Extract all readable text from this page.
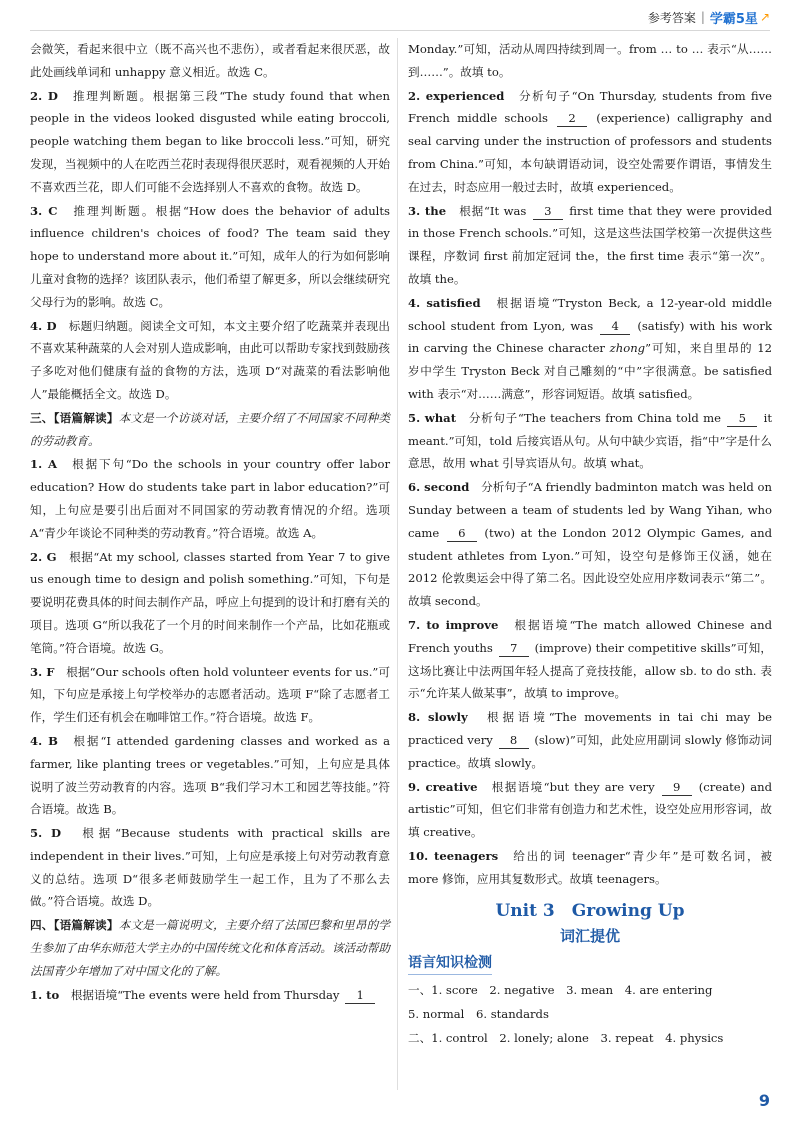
参考答案 | 学霸5星 ↗

会微笑，看起来很中立（既不高兴也不悲伤），或者看起来很厌恶，故此处画线单词和 unhappy 意义相近。故选 C。

2. D　推理判断题。根据第三段“The study found that when people in the videos looked disgusted while eating broccoli, people watching them began to like broccoli less.”可知，研究发现，当视频中的人在吃西兰花时表现得很厌恶时，观看视频的人开始不喜欢西兰花，即人们可能不会选择别人不喜欢的食物。故选 D。

3. C　推理判断题。根据“How does the behavior of adults influence children's choices of food? The team said they hope to understand more about it.”可知，成年人的行为如何影响儿童对食物的选择？该团队表示，他们希望了解更多，所以会继续研究父母行为的影响。故选 C。

4. D　标题归纳题。阅读全文可知，本文主要介绍了吃蔬菜并表现出不喜欢某种蔬菜的人会对别人造成影响，由此可以帮助专家找到鼓励孩子多吃对他们健康有益的食物的方法，选项 D“对蔬菜的看法影响他人”最能概括全文。故选 D。

三、【语篇解读】本文是一个访谈对话，主要介绍了不同国家不同种类的劳动教育。

1. A　根据下句“Do the schools in your country offer labor education? How do students take part in labor education?”可知，上句应是要引出后面对不同国家的劳动教育情况的介绍。选项 A“青少年谈论不同种类的劳动教育。”符合语境。故选 A。

2. G　根据“At my school, classes started from Year 7 to give us enough time to design and polish something.”可知，下句是要说明花费具体的时间去制作产品，呼应上句提到的设计和打磨有关的项目。选项 G“所以我花了一个月的时间来制作一个产品，比如花瓶或笔筒。”符合语境。故选 G。

3. F　根据“Our schools often hold volunteer events for us.”可知，下句应是承接上句学校举办的志愿者活动。选项 F“除了志愿者工作，学生们还有机会在咖啡馆工作。”符合语境。故选 F。

4. B　根据“I attended gardening classes and worked as a farmer, like planting trees or vegetables.”可知，上句应是具体说明了波兰劳动教育的内容。选项 B“我们学习木工和园艺等技能。”符合语境。故选 B。

5. D　根据“Because students with practical skills are independent in their lives.”可知，上句应是承接上句对劳动教育意义的总结。选项 D“很多老师鼓励学生一起工作，且为了不那么去做。”符合语境。故选 D。

四、【语篇解读】本文是一篇说明文，主要介绍了法国巴黎和里昂的学生参加了由华东师范大学主办的中国传统文化和体育活动。该活动帮助法国青少年增加了对中国文化的了解。

1. to　根据语境“The events were held from Thursday 1

Monday.”可知，活动从周四持续到周一。from … to … 表示“从……到……”。故填 to。

2. experienced　分析句子“On Thursday, students from five French middle schools 2 (experience) calligraphy and seal carving under the instruction of professors and students from China.”可知，本句缺谓语动词，设空处需要作谓语，事情发生在过去，时态应用一般过去时，故填 experienced。

3. the　根据“It was 3 first time that they were provided in those French schools.”可知，这是这些法国学校第一次提供这些课程，序数词 first 前加定冠词 the，the first time 表示“第一次”。故填 the。

4. satisfied　根据语境“Tryston Beck, a 12-year-old middle school student from Lyon, was 4 (satisfy) with his work in carving the Chinese character zhong”可知，来自里昂的 12 岁中学生 Tryston Beck 对自己雕刻的“中”字很满意。be satisfied with 表示“对……满意”，形容词短语。故填 satisfied。

5. what　分析句子“The teachers from China told me 5 it meant.”可知，told 后接宾语从句。从句中缺少宾语，指“中”字是什么意思，故用 what 引导宾语从句。故填 what。

6. second　分析句子“A friendly badminton match was held on Sunday between a team of students led by Wang Yihan, who came 6 (two) at the London 2012 Olympic Games, and student athletes from Lyon.”可知，设空句是修饰王仪涵，她在 2012 伦敦奥运会中得了第二名。因此设空处应用序数词表示“第二”。故填 second。

7. to improve　根据语境“The match allowed Chinese and French youths 7 (improve) their competitive skills”可知，这场比赛让中法两国年轻人提高了竞技技能，allow sb. to do sth. 表示“允许某人做某事”，故填 to improve。

8. slowly　根据语境“The movements in tai chi may be practiced very 8 (slow)”可知，此处应用副词 slowly 修饰动词 practice。故填 slowly。

9. creative　根据语境“but they are very 9 (create) and artistic”可知，但它们非常有创造力和艺术性，设空处应用形容词，故填 creative。

10. teenagers　给出的词 teenager“青少年”是可数名词，被 more 修饰，应用其复数形式。故填 teenagers。

Unit 3　Growing Up
词汇提优
语言知识检测

一、1. score　2. negative　3. mean　4. are entering

5. normal　6. standards

二、1. control　2. lonely; alone　3. repeat　4. physics

9
